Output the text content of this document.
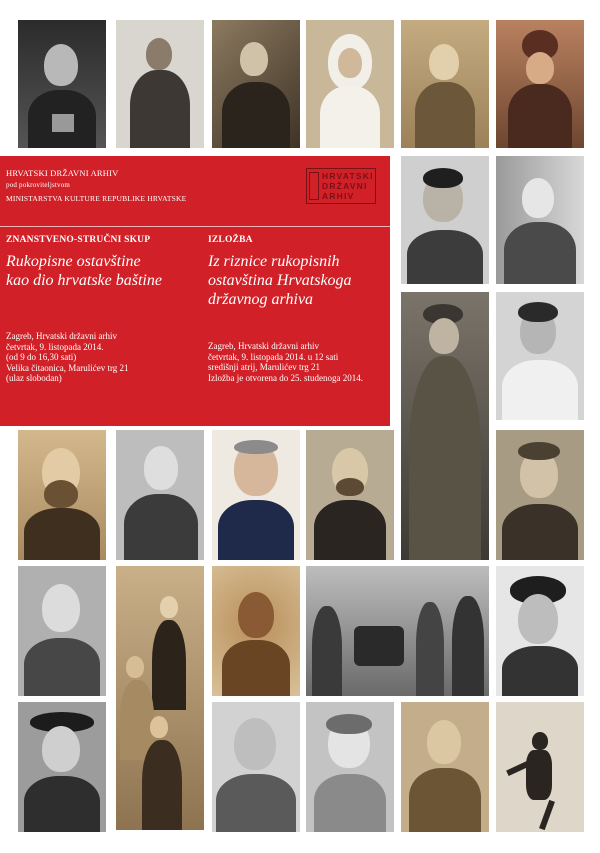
HRVATSKI DRŽAVNI ARHIV
pod pokroviteljstvom
MINISTARSTVA KULTURE REPUBLIKE HRVATSKE
ZNANSTVENO-STRUČNI SKUP
Rukopisne ostavštine
kao dio hrvatske baštine
Zagreb, Hrvatski državni arhiv
četvrtak, 9. listopada 2014.
(od 9 do 16,30 sati)
Velika čitaonica, Marulićev trg 21
(ulaz slobodan)
IZLOŽBA
Iz riznice rukopisnih
ostavština Hrvatskoga
državnog arhiva
Zagreb, Hrvatski državni arhiv
četvrtak, 9. listopada 2014. u 12 sati
središnji atrij, Marulićev trg 21
Izložba je otvorena do 25. studenoga 2014.
HRVATSKI
DRŽAVNI
ARHIV
